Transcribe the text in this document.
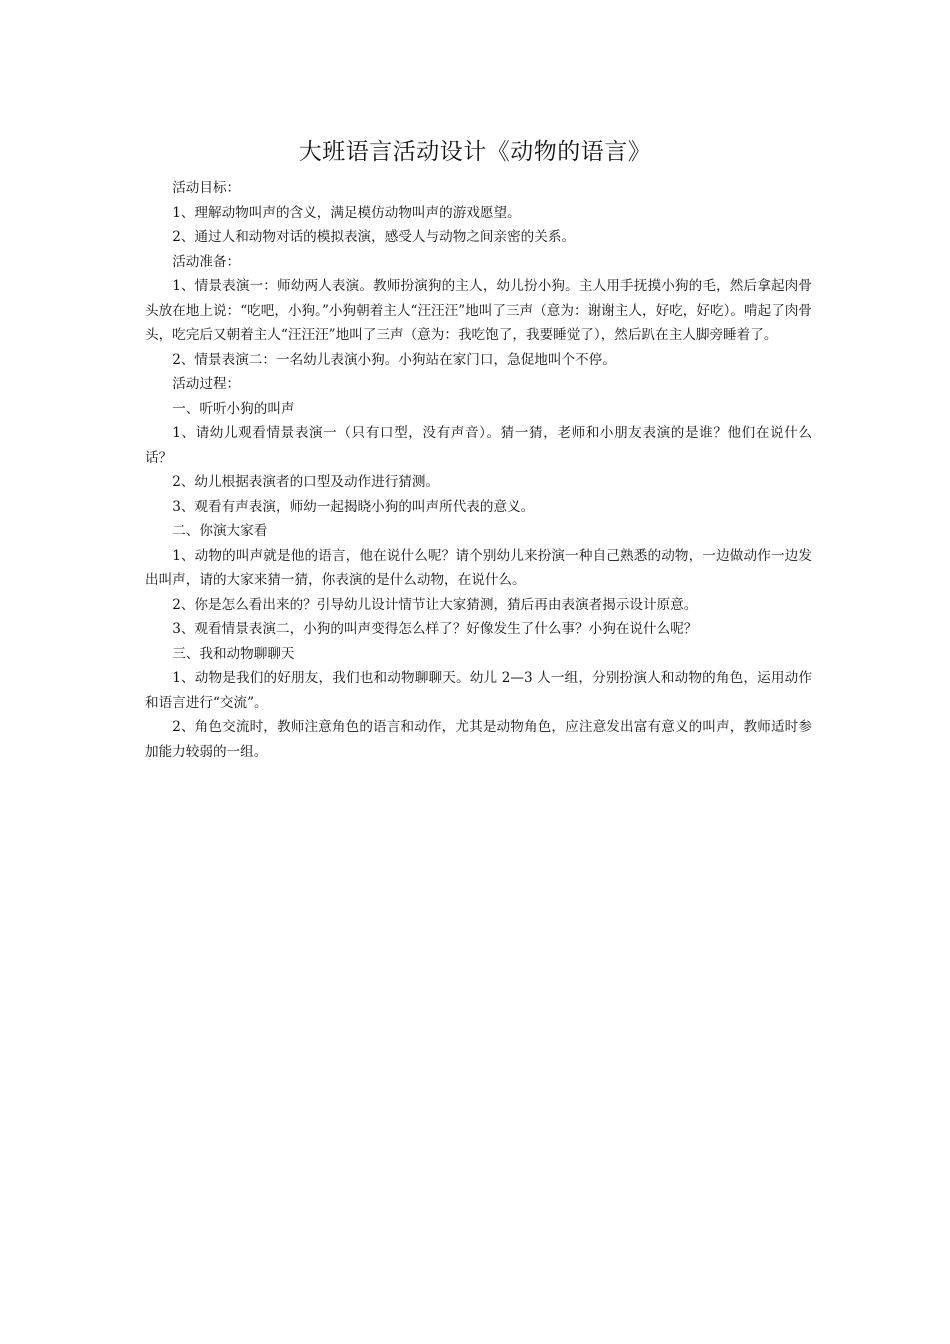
大班语言活动设计《动物的语言》

活动目标：

1、理解动物叫声的含义，满足模仿动物叫声的游戏愿望。

2、通过人和动物对话的模拟表演，感受人与动物之间亲密的关系。

活动准备：

1、情景表演一：师幼两人表演。教师扮演狗的主人，幼儿扮小狗。主人用手抚摸小狗的毛，然后拿起肉骨头放在地上说：“吃吧，小狗。”小狗朝着主人“汪汪汪”地叫了三声（意为：谢谢主人，好吃，好吃）。啃起了肉骨头，吃完后又朝着主人“汪汪汪”地叫了三声（意为：我吃饱了，我要睡觉了），然后趴在主人脚旁睡着了。

2、情景表演二：一名幼儿表演小狗。小狗站在家门口，急促地叫个不停。

活动过程：

一、听听小狗的叫声

1、请幼儿观看情景表演一（只有口型，没有声音）。猜一猜，老师和小朋友表演的是谁？他们在说什么话？

2、幼儿根据表演者的口型及动作进行猜测。

3、观看有声表演，师幼一起揭晓小狗的叫声所代表的意义。

二、你演大家看

1、动物的叫声就是他的语言，他在说什么呢？请个别幼儿来扮演一种自己熟悉的动物，一边做动作一边发出叫声，请的大家来猜一猜，你表演的是什么动物，在说什么。

2、你是怎么看出来的？引导幼儿设计情节让大家猜测，猜后再由表演者揭示设计原意。

3、观看情景表演二，小狗的叫声变得怎么样了？好像发生了什么事？小狗在说什么呢？

三、我和动物聊聊天

1、动物是我们的好朋友，我们也和动物聊聊天。幼儿 2—3 人一组，分别扮演人和动物的角色，运用动作和语言进行“交流”。

2、角色交流时，教师注意角色的语言和动作，尤其是动物角色，应注意发出富有意义的叫声，教师适时参加能力较弱的一组。
